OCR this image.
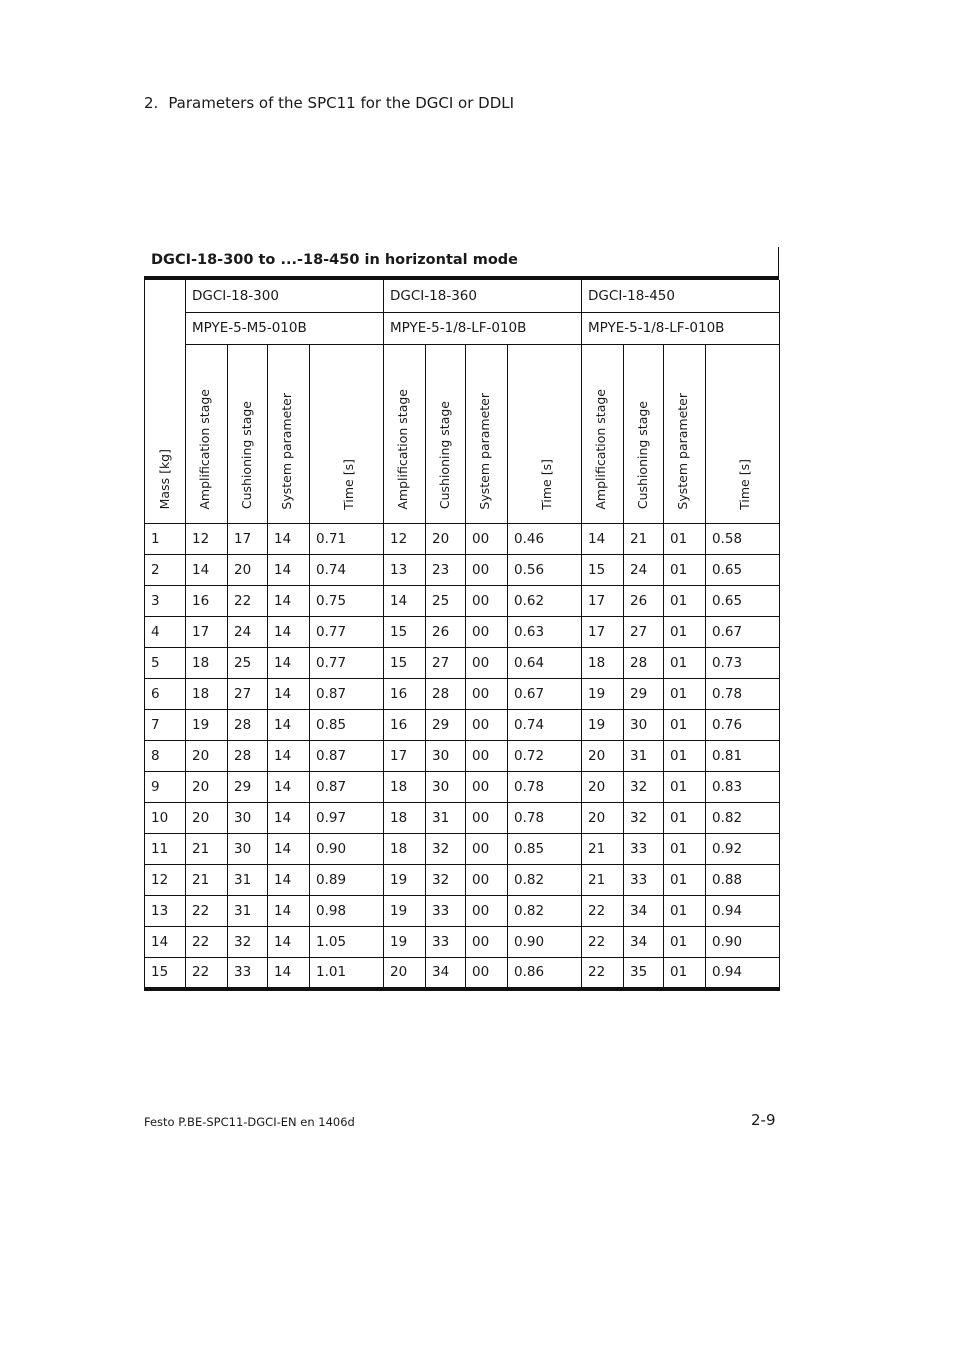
2. Parameters of the SPC11 for the DGCI or DDLI
DGCI-18-300 to ...-18-450 in horizontal mode
Mass [kg]	DGCI-18-300				DGCI-18-360				DGCI-18-450			
	MPYE-5-M5-010B				MPYE-5-1/8-LF-010B				MPYE-5-1/8-LF-010B			
	Amplification stage	Cushioning stage	System parameter	Time [s]	Amplification stage	Cushioning stage	System parameter	Time [s]	Amplification stage	Cushioning stage	System parameter	Time [s]
1	12	17	14	0.71	12	20	00	0.46	14	21	01	0.58
2	14	20	14	0.74	13	23	00	0.56	15	24	01	0.65
3	16	22	14	0.75	14	25	00	0.62	17	26	01	0.65
4	17	24	14	0.77	15	26	00	0.63	17	27	01	0.67
5	18	25	14	0.77	15	27	00	0.64	18	28	01	0.73
6	18	27	14	0.87	16	28	00	0.67	19	29	01	0.78
7	19	28	14	0.85	16	29	00	0.74	19	30	01	0.76
8	20	28	14	0.87	17	30	00	0.72	20	31	01	0.81
9	20	29	14	0.87	18	30	00	0.78	20	32	01	0.83
10	20	30	14	0.97	18	31	00	0.78	20	32	01	0.82
11	21	30	14	0.90	18	32	00	0.85	21	33	01	0.92
12	21	31	14	0.89	19	32	00	0.82	21	33	01	0.88
13	22	31	14	0.98	19	33	00	0.82	22	34	01	0.94
14	22	32	14	1.05	19	33	00	0.90	22	34	01	0.90
15	22	33	14	1.01	20	34	00	0.86	22	35	01	0.94
Festo P.BE-SPC11-DGCI-EN en 1406d	2-9
